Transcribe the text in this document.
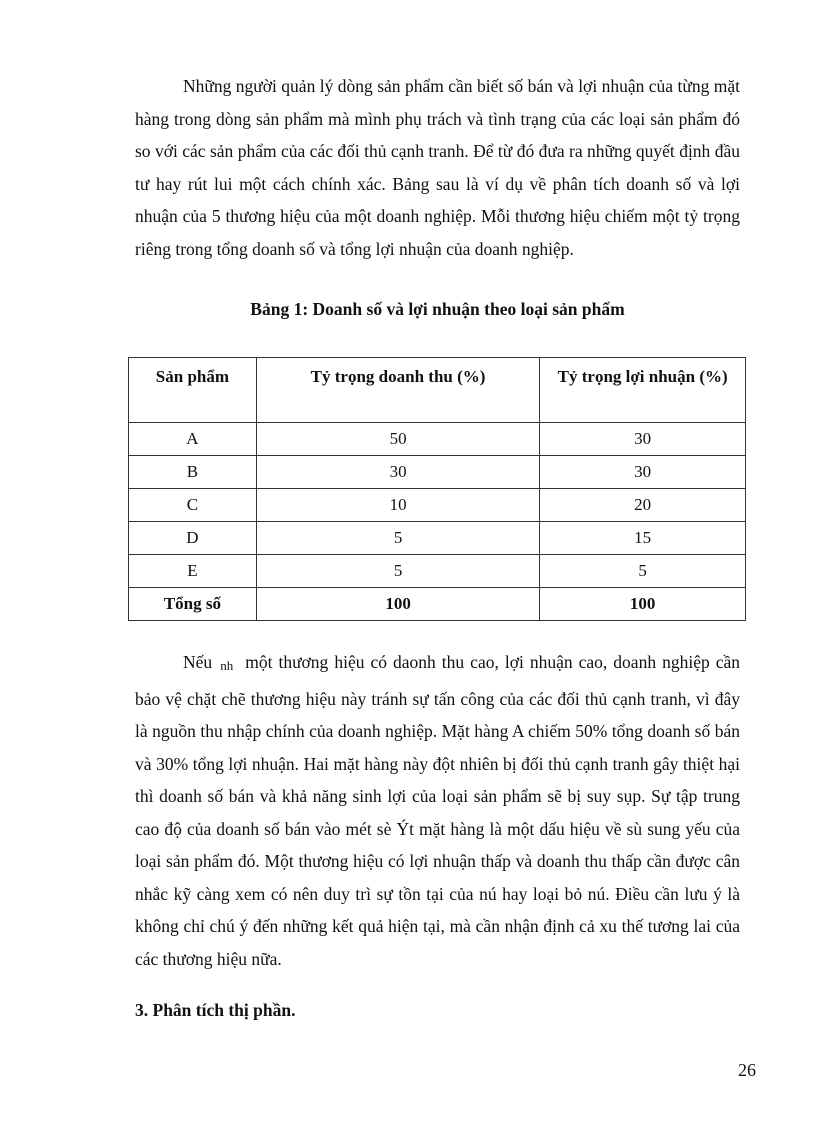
Những người quản lý dòng sản phẩm cần biết số bán và lợi nhuận của từng mặt hàng trong dòng sản phẩm mà mình phụ trách và tình trạng của các loại sản phẩm đó so với các sản phẩm của các đối thủ cạnh tranh. Để từ đó đưa ra những quyết định đầu tư hay rút lui một cách chính xác. Bảng sau là ví dụ về phân tích doanh số và lợi nhuận của 5 thương hiệu của một doanh nghiệp. Mỗi thương hiệu chiếm một tỷ trọng riêng trong tổng doanh số và tổng lợi nhuận của doanh nghiệp.

Bảng 1: Doanh số và lợi nhuận theo loại sản phẩm

Sản phẩm	Tỷ trọng doanh thu (%)	Tỷ trọng lợi nhuận (%)
A	50	30
B	30	30
C	10	20
D	5	15
E	5	5
Tổng số	100	100

Nếu nh một thương hiệu có daonh thu cao, lợi nhuận cao, doanh nghiệp cần bảo vệ chặt chẽ thương hiệu này tránh sự tấn công của các đối thủ cạnh tranh, vì đây là nguồn thu nhập chính của doanh nghiệp. Mặt hàng A chiếm 50% tổng doanh số bán và 30% tổng lợi nhuận. Hai mặt hàng này đột nhiên bị đối thủ cạnh tranh gây thiệt hại thì doanh số bán và khả năng sinh lợi của loại sản phẩm sẽ bị suy sụp. Sự tập trung cao độ của doanh số bán vào mét sè Ýt mặt hàng là một dấu hiệu về sù sung yếu của loại sản phẩm đó. Một thương hiệu có lợi nhuận thấp và doanh thu thấp cần được cân nhắc kỹ càng xem có nên duy trì sự tồn tại của nú hay loại bỏ nú. Điều cần lưu ý là không chỉ chú ý đến những kết quả hiện tại, mà cần nhận định cả xu thế tương lai của các thương hiệu nữa.

3. Phân tích thị phần.

26
